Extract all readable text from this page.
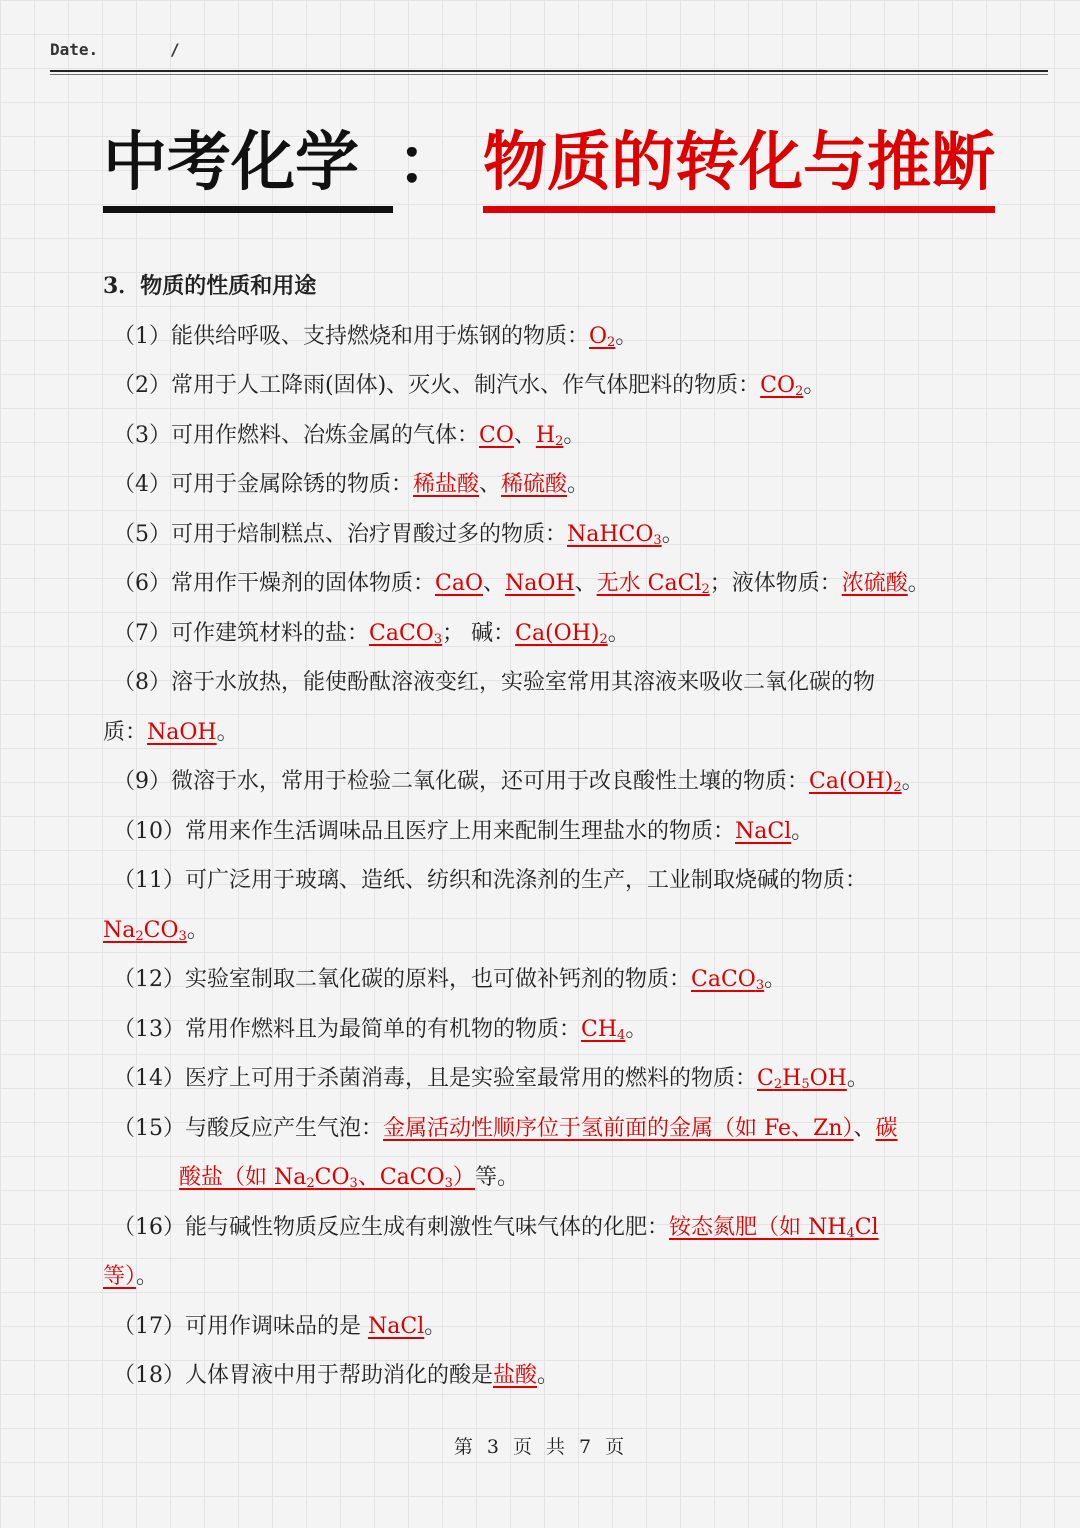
Date.	/
中考化学 ： 物质的转化与推断
3．物质的性质和用途
（1）能供给呼吸、支持燃烧和用于炼钢的物质：$O_2$。
（2）常用于人工降雨(固体)、灭火、制汽水、作气体肥料的物质：$CO_2$。
（3）可用作燃料、冶炼金属的气体：CO、$H_2$。
（4）可用于金属除锈的物质：稀盐酸、稀硫酸。
（5）可用于焙制糕点、治疗胃酸过多的物质：NaHCO$_3$。
（6）常用作干燥剂的固体物质：CaO、NaOH、无水 CaCl$_2$；液体物质：浓硫酸。
（7）可作建筑材料的盐：CaCO$_3$； 碱：$Ca(OH)_2$。
（8）溶于水放热，能使酚酞溶液变红，实验室常用其溶液来吸收二氧化碳的物
质：NaOH。
（9）微溶于水，常用于检验二氧化碳，还可用于改良酸性土壤的物质：$Ca(OH)_2$。
（10）常用来作生活调味品且医疗上用来配制生理盐水的物质：NaCl。
（11）可广泛用于玻璃、造纸、纺织和洗涤剂的生产，工业制取烧碱的物质：
$Na_2CO_3$。
（12）实验室制取二氧化碳的原料，也可做补钙剂的物质：CaCO$_3$。
（13）常用作燃料且为最简单的有机物的物质：$CH_4$。
（14）医疗上可用于杀菌消毒，且是实验室最常用的燃料的物质：$C_2H_5OH$。
（15）与酸反应产生气泡：金属活动性顺序位于氢前面的金属（如 Fe、Zn）、碳
酸盐（如 $Na_2CO_3$、CaCO$_3$）等。
（16）能与碱性物质反应生成有刺激性气味气体的化肥：铵态氮肥（如 $NH_4Cl$
等）。
（17）可用作调味品的是 NaCl。
（18）人体胃液中用于帮助消化的酸是盐酸。
第 3 页 共 7 页
